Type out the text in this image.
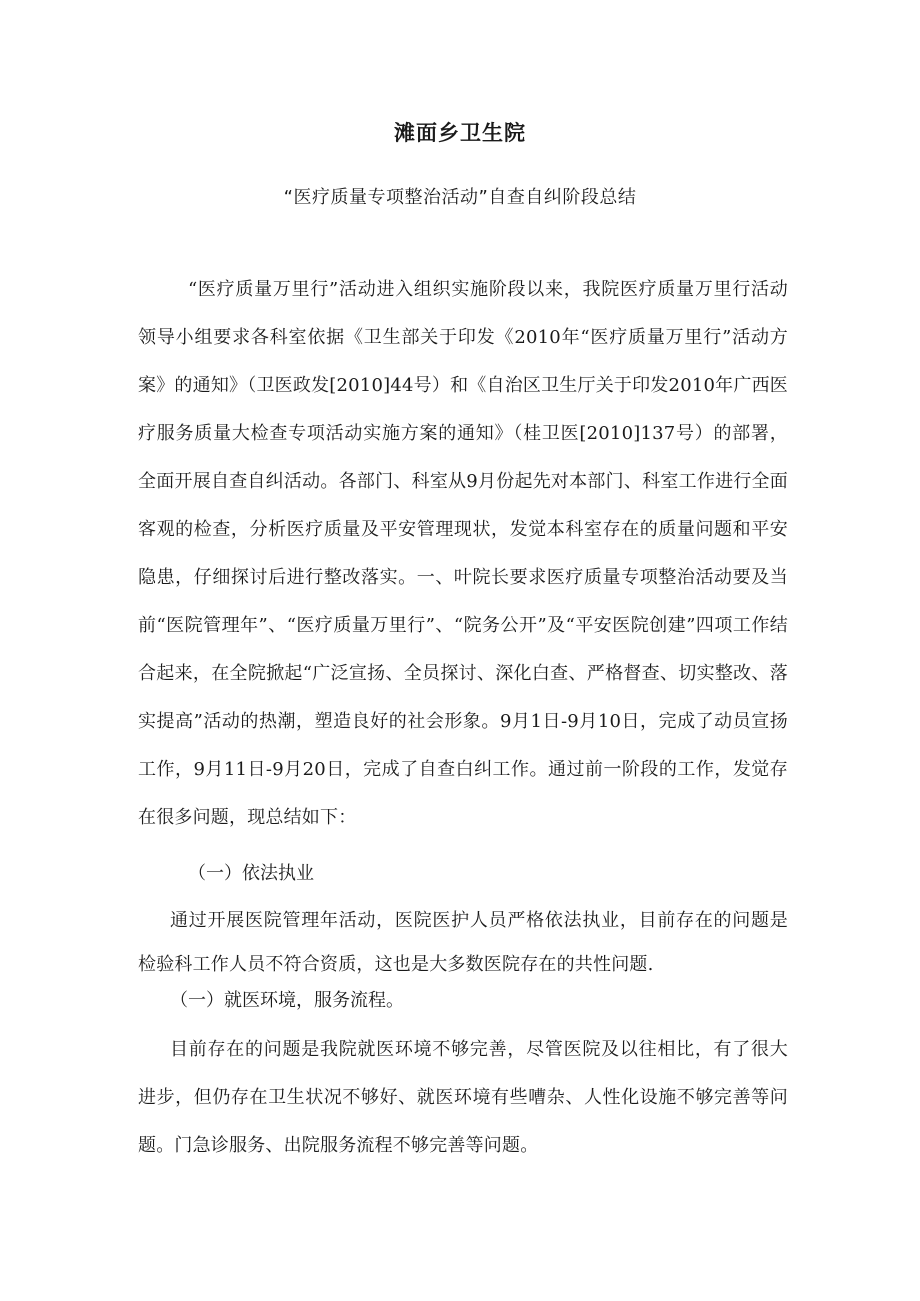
滩面乡卫生院
“医疗质量专项整治活动”自查自纠阶段总结
“医疗质量万里行”活动进入组织实施阶段以来，我院医疗质量万里行活动领导小组要求各科室依据《卫生部关于印发《2010年“医疗质量万里行”活动方案》的通知》（卫医政发[2010]44号）和《自治区卫生厅关于印发2010年广西医疗服务质量大检查专项活动实施方案的通知》（桂卫医[2010]137号）的部署，全面开展自查自纠活动。各部门、科室从9月份起先对本部门、科室工作进行全面客观的检查，分析医疗质量及平安管理现状，发觉本科室存在的质量问题和平安隐患，仔细探讨后进行整改落实。一、叶院长要求医疗质量专项整治活动要及当前“医院管理年”、“医疗质量万里行”、“院务公开”及“平安医院创建”四项工作结合起来，在全院掀起“广泛宣扬、全员探讨、深化白查、严格督查、切实整改、落实提高”活动的热潮，塑造良好的社会形象。9月1日-9月10日，完成了动员宣扬工作，9月11日-9月20日，完成了自查白纠工作。通过前一阶段的工作，发觉存在很多问题，现总结如下：
（一）依法执业
通过开展医院管理年活动，医院医护人员严格依法执业，目前存在的问题是检验科工作人员不符合资质，这也是大多数医院存在的共性问题.
（一）就医环境，服务流程。
目前存在的问题是我院就医环境不够完善，尽管医院及以往相比，有了很大进步，但仍存在卫生状况不够好、就医环境有些嘈杂、人性化设施不够完善等问题。门急诊服务、出院服务流程不够完善等问题。
